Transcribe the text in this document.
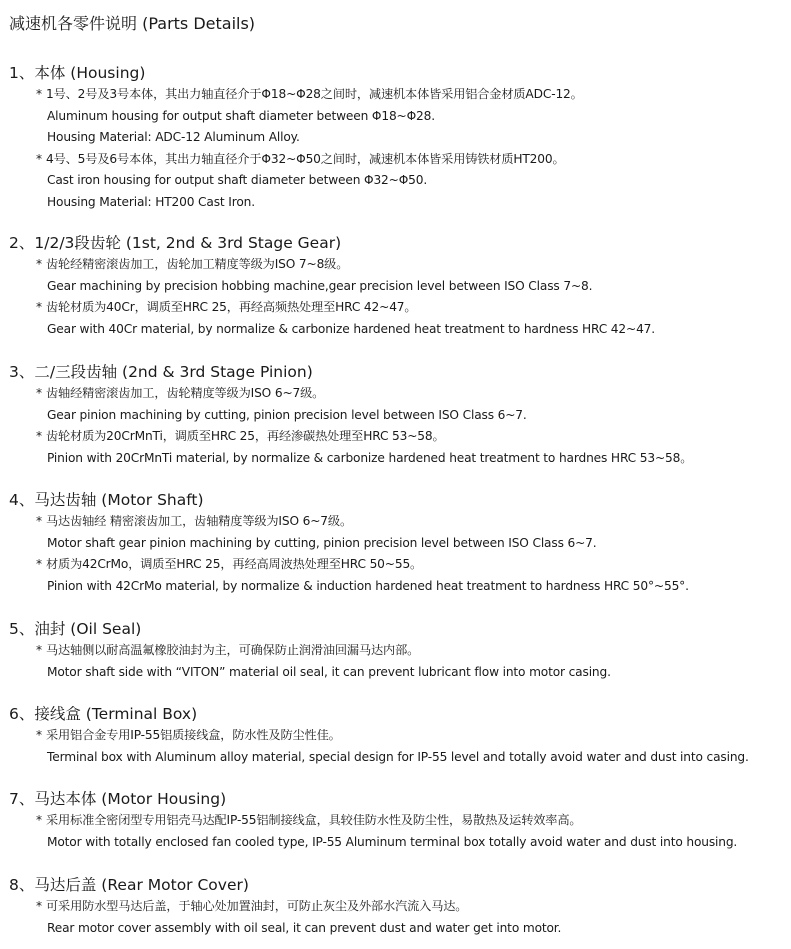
减速机各零件说明 (Parts Details)
1、本体 (Housing)
* 1号、2号及3号本体，其出力轴直径介于Φ18~Φ28之间时，减速机本体皆采用铝合金材质ADC-12。
Aluminum housing for output shaft diameter between Φ18~Φ28.
Housing Material: ADC-12 Aluminum Alloy.
* 4号、5号及6号本体，其出力轴直径介于Φ32~Φ50之间时，减速机本体皆采用铸铁材质HT200。
Cast iron housing for output shaft diameter between Φ32~Φ50.
Housing Material: HT200 Cast Iron.
2、1/2/3段齿轮 (1st, 2nd & 3rd Stage Gear)
* 齿轮经精密滚齿加工，齿轮加工精度等级为ISO 7~8级。
Gear machining by precision hobbing machine,gear precision level between ISO Class 7~8.
* 齿轮材质为40Cr，调质至HRC 25，再经高频热处理至HRC 42~47。
Gear with 40Cr material, by normalize & carbonize hardened heat treatment to hardness HRC 42~47.
3、二/三段齿轴 (2nd & 3rd Stage Pinion)
* 齿轴经精密滚齿加工，齿轮精度等级为ISO 6~7级。
Gear pinion machining by cutting, pinion precision level between ISO Class 6~7.
* 齿轮材质为20CrMnTi，调质至HRC 25，再经渗碳热处理至HRC 53~58。
Pinion with 20CrMnTi material, by normalize & carbonize hardened heat treatment to hardnes HRC 53~58。
4、马达齿轴 (Motor Shaft)
* 马达齿轴经 精密滚齿加工，齿轴精度等级为ISO 6~7级。
Motor shaft gear pinion machining by cutting, pinion precision level between ISO Class 6~7.
* 材质为42CrMo，调质至HRC 25，再经高周波热处理至HRC 50~55。
Pinion with 42CrMo material, by normalize & induction hardened heat treatment to hardness HRC 50°~55°.
5、油封 (Oil Seal)
* 马达轴侧以耐高温氟橡胶油封为主，可确保防止润滑油回漏马达内部。
Motor shaft side with “VITON” material oil seal, it can prevent lubricant flow into motor casing.
6、接线盒 (Terminal Box)
* 采用铝合金专用IP-55铝质接线盒，防水性及防尘性佳。
Terminal box with Aluminum alloy material, special design for IP-55 level and totally avoid water and dust into casing.
7、马达本体 (Motor Housing)
* 采用标准全密闭型专用铝壳马达配IP-55铝制接线盒，具较佳防水性及防尘性，易散热及运转效率高。
Motor with totally enclosed fan cooled type, IP-55 Aluminum terminal box totally avoid water and dust into housing.
8、马达后盖 (Rear Motor Cover)
* 可采用防水型马达后盖，于轴心处加置油封，可防止灰尘及外部水汽流入马达。
Rear motor cover assembly with oil seal, it can prevent dust and water get into motor.
